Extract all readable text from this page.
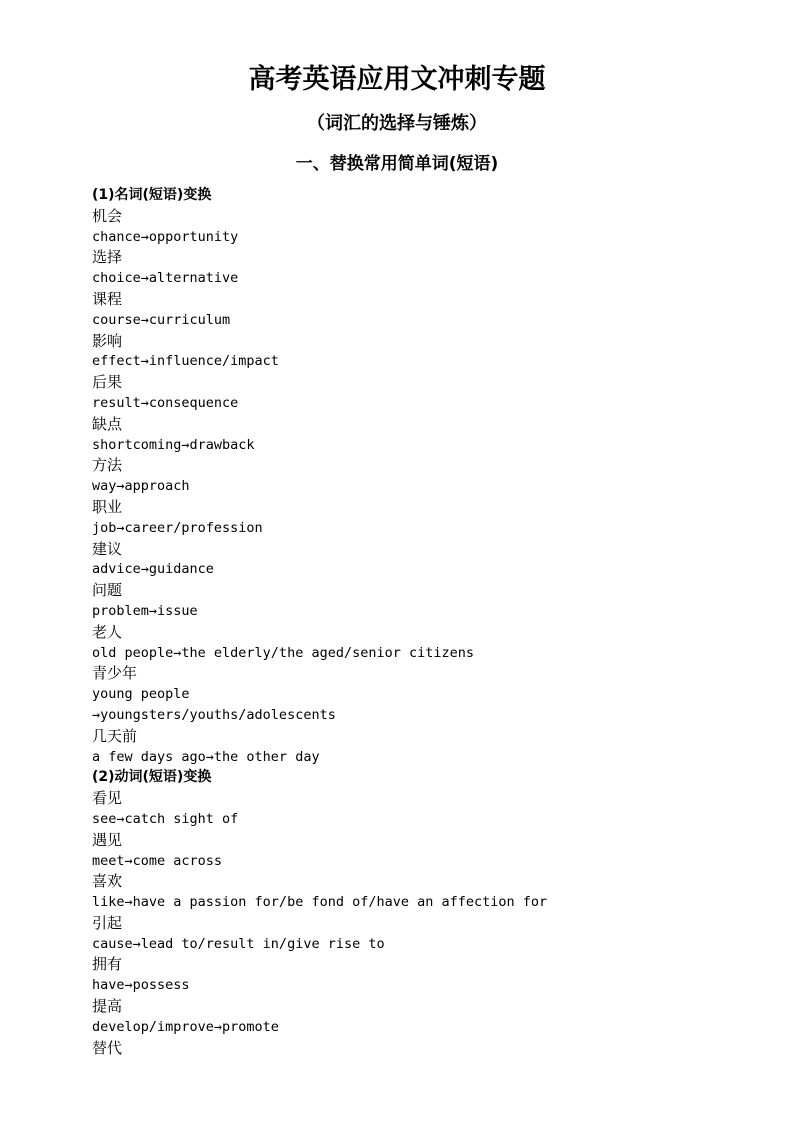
高考英语应用文冲刺专题
（词汇的选择与锤炼）
一、替换常用简单词(短语)
(1)名词(短语)变换
机会
chance→opportunity
选择
choice→alternative
课程
course→curriculum
影响
effect→influence/impact
后果
result→consequence
缺点
shortcoming→drawback
方法
way→approach
职业
job→career/profession
建议
advice→guidance
问题
problem→issue
老人
old people→the elderly/the aged/senior citizens
青少年
young people
→youngsters/youths/adolescents
几天前
a few days ago→the other day
(2)动词(短语)变换
看见
see→catch sight of
遇见
meet→come across
喜欢
like→have a passion for/be fond of/have an affection for
引起
cause→lead to/result in/give rise to
拥有
have→possess
提高
develop/improve→promote
替代
